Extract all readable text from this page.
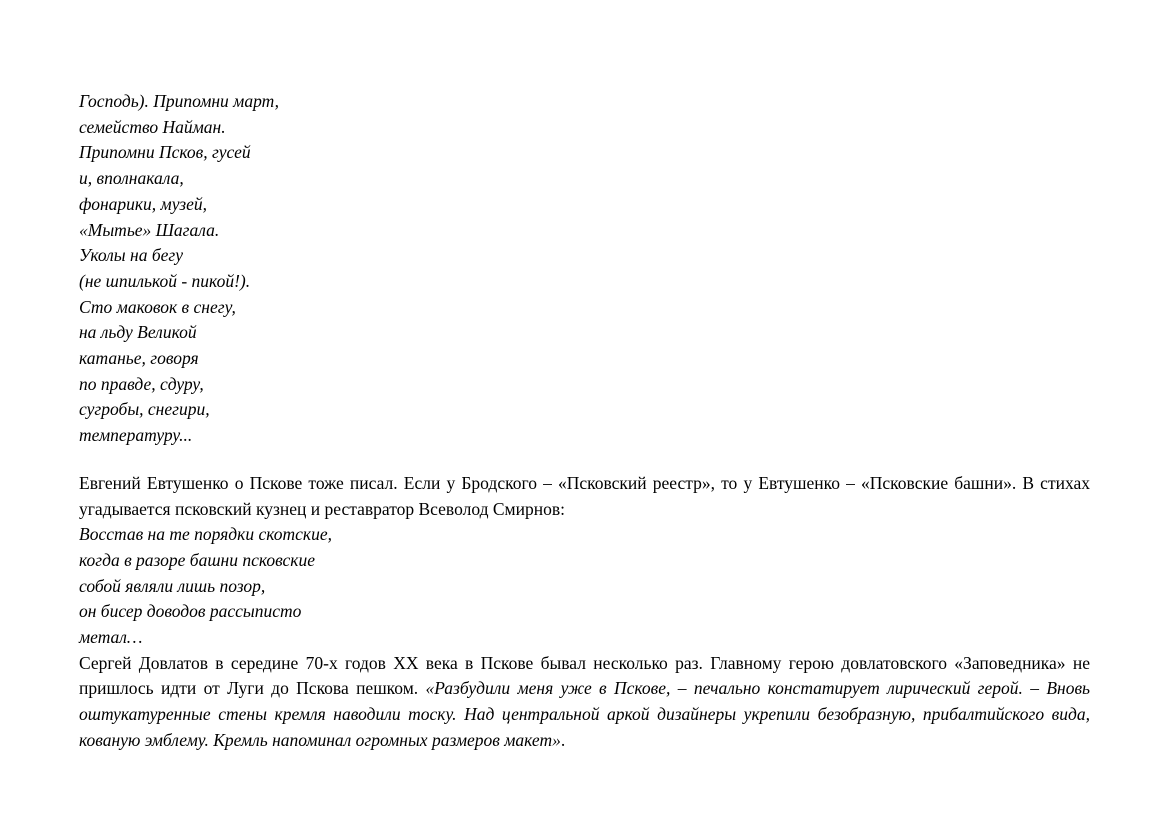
Господь). Припомни март,
семейство Найман.
Припомни Псков, гусей
и, вполнакала,
фонарики, музей,
«Мытье» Шагала.
Уколы на бегу
(не шпилькой - пикой!).
Сто маковок в снегу,
на льду Великой
катанье, говоря
по правде, сдуру,
сугробы, снегири,
температуру...

Евгений Евтушенко о Пскове тоже писал. Если у Бродского – «Псковский реестр», то у Евтушенко – «Псковские башни». В стихах угадывается псковский кузнец и реставратор Всеволод Смирнов:

Восстав на те порядки скотские,
когда в разоре башни псковские
собой являли лишь позор,
он бисер доводов рассыписто
метал…

Сергей Довлатов в середине 70-х годов XX века в Пскове бывал несколько раз. Главному герою довлатовского «Заповедника» не пришлось идти от Луги до Пскова пешком. «Разбудили меня уже в Пскове, – печально констатирует лирический герой. – Вновь оштукатуренные стены кремля наводили тоску. Над центральной аркой дизайнеры укрепили безобразную, прибалтийского вида, кованую эмблему. Кремль напоминал огромных размеров макет».
